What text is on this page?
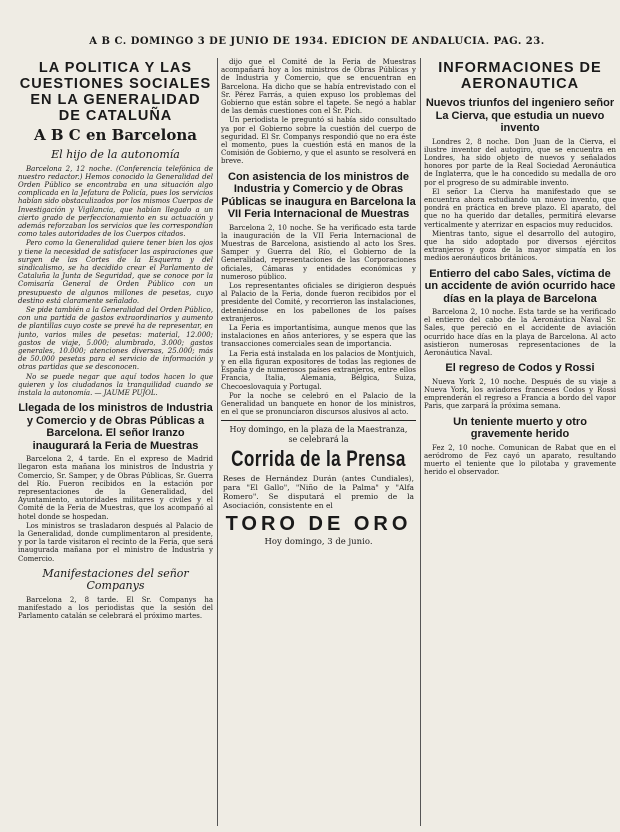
A B C. DOMINGO 3 DE JUNIO DE 1934. EDICION DE ANDALUCIA. PAG. 23.
LA POLITICA Y LAS CUESTIONES SOCIALES EN LA GENERALIDAD DE CATALUÑA
A B C en Barcelona
El hijo de la autonomía

Barcelona 2, 12 noche. (Conferencia telefónica de nuestro redactor.) Hemos conocido la Generalidad del Orden Público se encontraba en una situación algo complicada en la Jefatura de Policía, pues los servicios habían sido obstaculizados por los mismos Cuerpos de Investigación y Vigilancia, que habían llegado a un cierto grado de perfeccionamiento en su actuación y además reforzaban los servicios que les correspondían como tales autoridades de los Cuerpos citados.

Pero como la Generalidad quiere tener bien los ojos y tiene la necesidad de satisfacer las aspiraciones que surgen de las Cortes de la Esquerra y del sindicalismo, se ha decidido crear el Parlamento de Cataluña la Junta de Seguridad, que se conoce por la Comisaría General de Orden Público con un presupuesto de algunos millones de pesetas, cuyo destino está claramente señalado.

Se pide también a la Generalidad del Orden Público, con una partida de gastos extraordinarios y aumento de plantillas cuyo coste se prevé ha de representar, en junto, varios miles de pesetas: material, 12.000; gastos de viaje, 5.000; alumbrado, 3.000; gastos generales, 10.000; atenciones diversas, 25.000; más de 50.000 pesetas para el servicio de información y otras partidas que se desconocen.

No se puede negar que aquí todos hacen lo que quieren y los ciudadanos la tranquilidad cuando se instala la autonomía. — JAUME PUJOL.

Llegada de los ministros de Industria y Comercio y de Obras Públicas a Barcelona. El señor Iranzo inaugurará la Feria de Muestras

Barcelona 2, 4 tarde. En el expreso de Madrid llegaron esta mañana los ministros de Industria y Comercio, Sr. Samper, y de Obras Públicas, Sr. Guerra del Río. Fueron recibidos en la estación por representaciones de la Generalidad, del Ayuntamiento, autoridades militares y civiles y el Comité de la Feria de Muestras, que los acompañó al hotel donde se hospedan.

Los ministros se trasladaron después al Palacio de la Generalidad, donde cumplimentaron al presidente, y por la tarde visitaron el recinto de la Feria, que será inaugurada mañana por el ministro de Industria y Comercio.

Manifestaciones del señor Companys

Barcelona 2, 8 tarde. El Sr. Companys ha manifestado a los periodistas que la sesión del Parlamento catalán se celebrará el próximo martes.

dijo que el Comité de la Feria de Muestras acompañará hoy a los ministros de Obras Públicas y de Industria y Comercio, que se encuentran en Barcelona. Ha dicho que se había entrevistado con el Sr. Pérez Farrás, a quien expuso los problemas del Gobierno que están sobre el tapete. Se negó a hablar de las demás cuestiones con el Sr. Pich.

Un periodista le preguntó si había sido consultado ya por el Gobierno sobre la cuestión del cuerpo de seguridad. El Sr. Companys respondió que no era éste el momento, pues la cuestión está en manos de la Comisión de Gobierno, y que el asunto se resolverá en breve.

Con asistencia de los ministros de Industria y Comercio y de Obras Públicas se inaugura en Barcelona la VII Feria Internacional de Muestras

Barcelona 2, 10 noche. Se ha verificado esta tarde la inauguración de la VII Feria Internacional de Muestras de Barcelona, asistiendo al acto los Sres. Samper y Guerra del Río, el Gobierno de la Generalidad, representaciones de las Corporaciones oficiales, Cámaras y entidades económicas y numeroso público.

Los representantes oficiales se dirigieron después al Palacio de la Feria, donde fueron recibidos por el presidente del Comité, y recorrieron las instalaciones, deteniéndose en los pabellones de los países extranjeros.

La Feria es importantísima, aunque menos que las instalaciones en años anteriores, y se espera que las transacciones comerciales sean de importancia.

La Feria está instalada en los palacios de Montjuich, y en ella figuran expositores de todas las regiones de España y de numerosos países extranjeros, entre ellos Francia, Italia, Alemania, Bélgica, Suiza, Checoeslovaquia y Portugal.

Por la noche se celebró en el Palacio de la Generalidad un banquete en honor de los ministros, en el que se pronunciaron discursos alusivos al acto.

Hoy domingo, en la plaza de la Maestranza, se celebrará la
Corrida de la Prensa
Reses de Hernández Durán (antes Cundiales), para "El Gallo", "Niño de la Palma" y "Alfa Romero". Se disputará el premio de la Asociación, consistente en el
TORO DE ORO
Hoy domingo, 3 de junio.
INFORMACIONES DE AERONAUTICA
Nuevos triunfos del ingeniero señor La Cierva, que estudia un nuevo invento

Londres 2, 8 noche. Don Juan de la Cierva, el ilustre inventor del autogiro, que se encuentra en Londres, ha sido objeto de nuevos y señalados honores por parte de la Real Sociedad Aeronáutica de Inglaterra, que le ha concedido su medalla de oro por el progreso de su admirable invento.

El señor La Cierva ha manifestado que se encuentra ahora estudiando un nuevo invento, que pondrá en práctica en breve plazo. El aparato, del que no ha querido dar detalles, permitirá elevarse verticalmente y aterrizar en espacios muy reducidos.

Mientras tanto, sigue el desarrollo del autogiro, que ha sido adoptado por diversos ejércitos extranjeros y goza de la mayor simpatía en los medios aeronáuticos británicos.

Entierro del cabo Sales, víctima de un accidente de avión ocurrido hace días en la playa de Barcelona

Barcelona 2, 10 noche. Esta tarde se ha verificado el entierro del cabo de la Aeronáutica Naval Sr. Sales, que pereció en el accidente de aviación ocurrido hace días en la playa de Barcelona. Al acto asistieron numerosas representaciones de la Aeronáutica Naval.

El regreso de Codos y Rossi

Nueva York 2, 10 noche. Después de su viaje a Nueva York, los aviadores franceses Codos y Rossi emprenderán el regreso a Francia a bordo del vapor Paris, que zarpará la próxima semana.

Un teniente muerto y otro gravemente herido

Fez 2, 10 noche. Comunican de Rabat que en el aeródromo de Fez cayó un aparato, resultando muerto el teniente que lo pilotaba y gravemente herido el observador.
